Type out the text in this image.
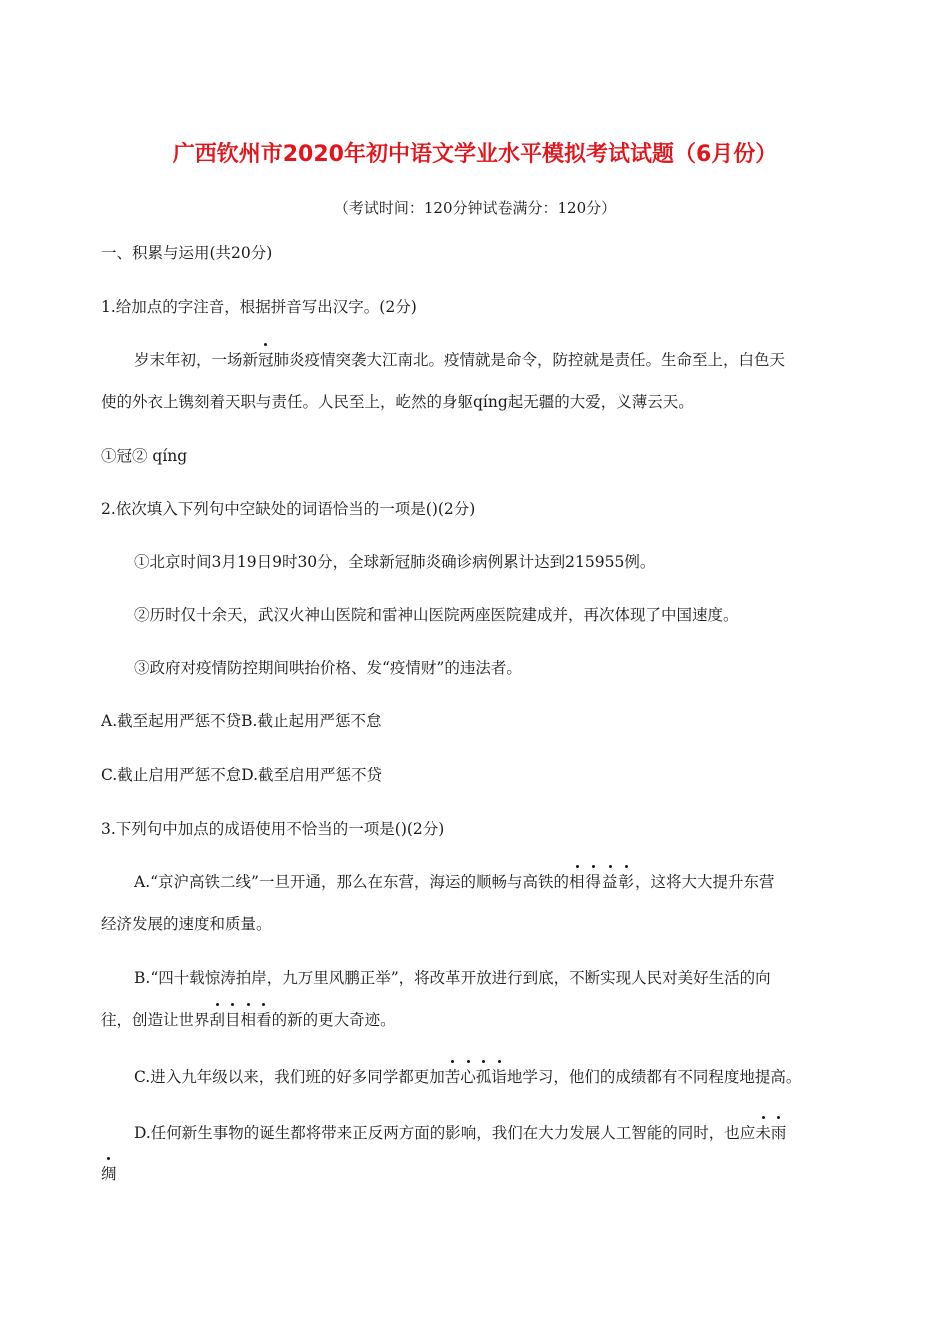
广西钦州市2020年初中语文学业水平模拟考试试题（6月份）
（考试时间：120分钟试卷满分：120分）
一、积累与运用(共20分)
1.给加点的字注音，根据拼音写出汉字。(2分)
岁末年初，一场新冠肺炎疫情突袭大江南北。疫情就是命令，防控就是责任。生命至上，白色天
使的外衣上镌刻着天职与责任。人民至上，屹然的身躯qíng起无疆的大爱，义薄云天。
①冠② qíng
2.依次填入下列句中空缺处的词语恰当的一项是()(2分)
①北京时间3月19日9时30分，全球新冠肺炎确诊病例累计达到215955例。
②历时仅十余天，武汉火神山医院和雷神山医院两座医院建成并，再次体现了中国速度。
③政府对疫情防控期间哄抬价格、发“疫情财”的违法者。
A.截至起用严惩不贷B.截止起用严惩不怠
C.截止启用严惩不怠D.截至启用严惩不贷
3.下列句中加点的成语使用不恰当的一项是()(2分)
A.“京沪高铁二线”一旦开通，那么在东营，海运的顺畅与高铁的相得益彰，这将大大提升东营
经济发展的速度和质量。
B.“四十载惊涛拍岸，九万里风鹏正举”，将改革开放进行到底，不断实现人民对美好生活的向
往，创造让世界刮目相看的新的更大奇迹。
C.进入九年级以来，我们班的好多同学都更加苦心孤诣地学习，他们的成绩都有不同程度地提高。
D.任何新生事物的诞生都将带来正反两方面的影响，我们在大力发展人工智能的同时，也应未雨
绸
